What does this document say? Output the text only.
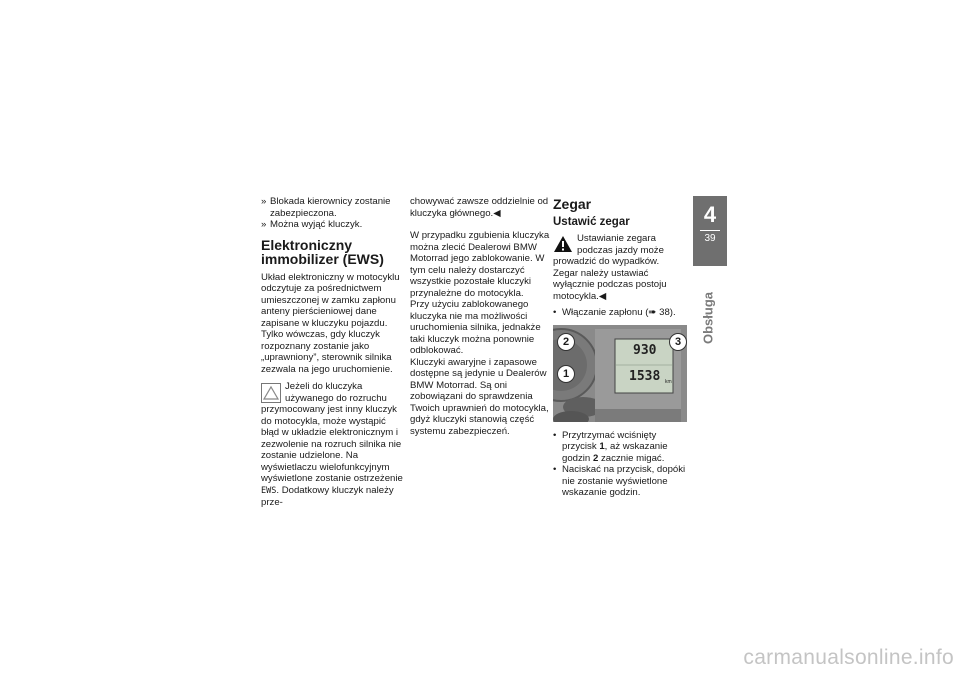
» Blokada kierownicy zostanie zabezpieczona.

» Można wyjąć kluczyk.

Elektroniczny immobilizer (EWS)

Układ elektroniczny w motocyklu odczytuje za pośrednictwem umieszczonej w zamku zapłonu anteny pierścieniowej dane zapisane w kluczyku pojazdu. Tylko wówczas, gdy kluczyk rozpoznany zostanie jako „uprawniony”, sterownik silnika zezwala na jego uruchomienie.

Jeżeli do kluczyka używanego do rozruchu przymocowany jest inny kluczyk do motocykla, może wystąpić błąd w układzie elektronicznym i zezwolenie na rozruch silnika nie zostanie udzielone. Na wyświetlaczu wielofunkcyjnym wyświetlone zostanie ostrzeżenie EWS. Dodatkowy kluczyk należy prze-

chowywać zawsze oddzielnie od kluczyka głównego.◀

W przypadku zgubienia kluczyka można zlecić Dealerowi BMW Motorrad jego zablokowanie. W tym celu należy dostarczyć wszystkie pozostałe kluczyki przynależne do motocykla.

Przy użyciu zablokowanego kluczyka nie ma możliwości uruchomienia silnika, jednakże taki kluczyk można ponownie odblokować.

Kluczyki awaryjne i zapasowe dostępne są jedynie u Dealerów BMW Motorrad. Są oni zobowiązani do sprawdzenia Twoich uprawnień do motocykla, gdyż kluczyki stanowią część systemu zabezpieczeń.

Zegar
Ustawić zegar

Ustawianie zegara podczas jazdy może prowadzić do wypadków.

Zegar należy ustawiać wyłącznie podczas postoju motocykla.◀

• Włączanie zapłonu (➠ 38).

930
1538 km
2	3
1

• Przytrzymać wciśnięty przycisk 1, aż wskazanie godzin 2 zacznie migać.

• Naciskać na przycisk, dopóki nie zostanie wyświetlone wskazanie godzin.

4
39
Obsługa
carmanualsonline.info
